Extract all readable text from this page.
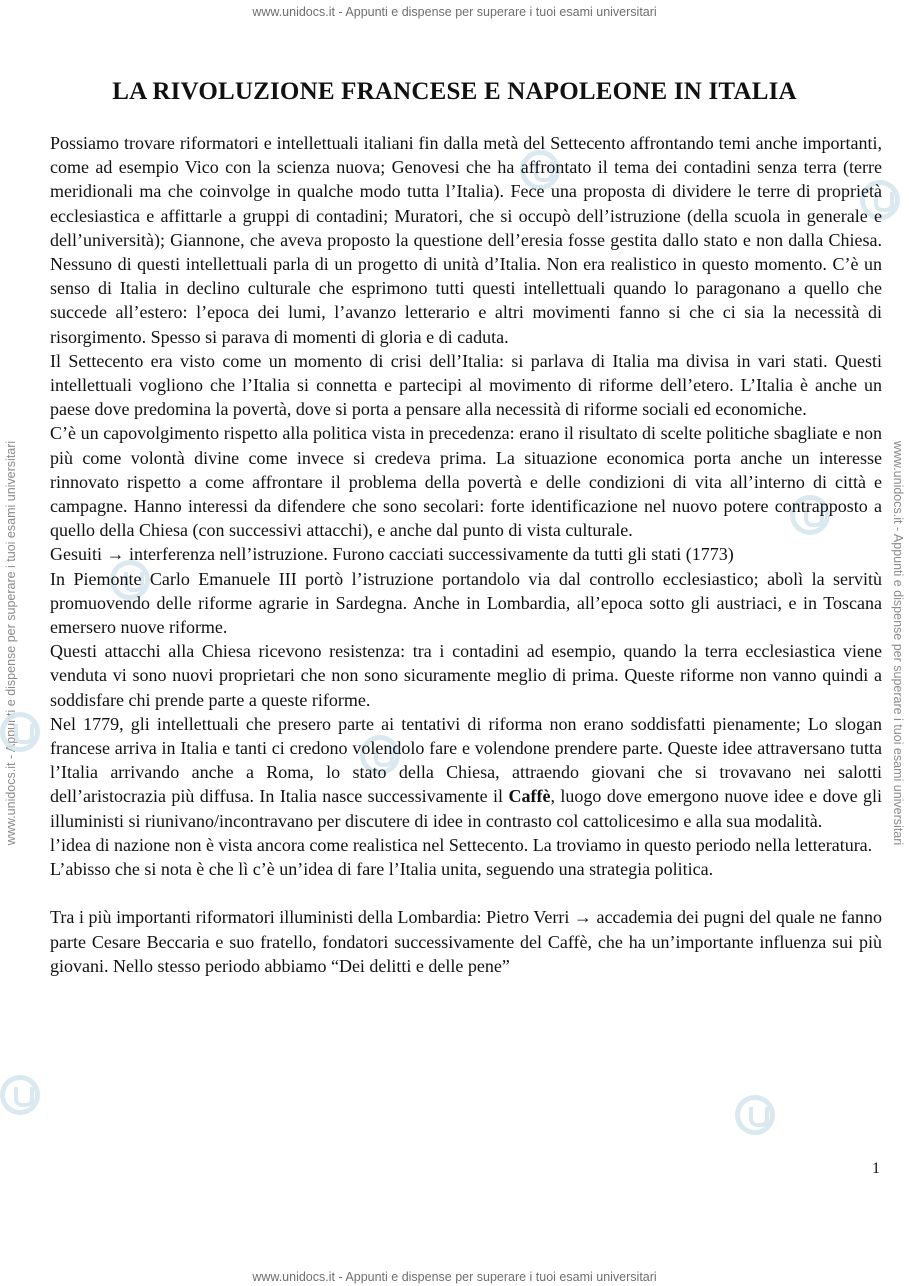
www.unidocs.it - Appunti e dispense per superare i tuoi esami universitari
www.unidocs.it - Appunti e dispense per superare i tuoi esami universitari	www.unidocs.it - Appunti e dispense per superare i tuoi esami universitari
LA RIVOLUZIONE FRANCESE E NAPOLEONE IN ITALIA

Possiamo trovare riformatori e intellettuali italiani fin dalla metà del Settecento affrontando temi anche importanti, come ad esempio Vico con la scienza nuova; Genovesi che ha affrontato il tema dei contadini senza terra (terre meridionali ma che coinvolge in qualche modo tutta l’Italia). Fece una proposta di dividere le terre di proprietà ecclesiastica e affittarle a gruppi di contadini; Muratori, che si occupò dell’istruzione (della scuola in generale e dell’università); Giannone, che aveva proposto la questione dell’eresia fosse gestita dallo stato e non dalla Chiesa. Nessuno di questi intellettuali parla di un progetto di unità d’Italia. Non era realistico in questo momento. C’è un senso di Italia in declino culturale che esprimono tutti questi intellettuali quando lo paragonano a quello che succede all’estero: l’epoca dei lumi, l’avanzo letterario e altri movimenti fanno si che ci sia la necessità di risorgimento. Spesso si parava di momenti di gloria e di caduta.

Il Settecento era visto come un momento di crisi dell’Italia: si parlava di Italia ma divisa in vari stati. Questi intellettuali vogliono che l’Italia si connetta e partecipi al movimento di riforme dell’etero. L’Italia è anche un paese dove predomina la povertà, dove si porta a pensare alla necessità di riforme sociali ed economiche.

C’è un capovolgimento rispetto alla politica vista in precedenza: erano il risultato di scelte politiche sbagliate e non più come volontà divine come invece si credeva prima. La situazione economica porta anche un interesse rinnovato rispetto a come affrontare il problema della povertà e delle condizioni di vita all’interno di città e campagne. Hanno interessi da difendere che sono secolari: forte identificazione nel nuovo potere contrapposto a quello della Chiesa (con successivi attacchi), e anche dal punto di vista culturale.

Gesuiti → interferenza nell’istruzione. Furono cacciati successivamente da tutti gli stati (1773)

In Piemonte Carlo Emanuele III portò l’istruzione portandolo via dal controllo ecclesiastico; abolì la servitù promuovendo delle riforme agrarie in Sardegna. Anche in Lombardia, all’epoca sotto gli austriaci, e in Toscana emersero nuove riforme.

Questi attacchi alla Chiesa ricevono resistenza: tra i contadini ad esempio, quando la terra ecclesiastica viene venduta vi sono nuovi proprietari che non sono sicuramente meglio di prima. Queste riforme non vanno quindi a soddisfare chi prende parte a queste riforme.

Nel 1779, gli intellettuali che presero parte ai tentativi di riforma non erano soddisfatti pienamente; Lo slogan francese arriva in Italia e tanti ci credono volendolo fare e volendone prendere parte. Queste idee attraversano tutta l’Italia arrivando anche a Roma, lo stato della Chiesa, attraendo giovani che si trovavano nei salotti dell’aristocrazia più diffusa. In Italia nasce successivamente il Caffè, luogo dove emergono nuove idee e dove gli illuministi si riunivano/incontravano per discutere di idee in contrasto col cattolicesimo e alla sua modalità.

l’idea di nazione non è vista ancora come realistica nel Settecento. La troviamo in questo periodo nella letteratura.

L’abisso che si nota è che lì c’è un’idea di fare l’Italia unita, seguendo una strategia politica.

Tra i più importanti riformatori illuministi della Lombardia: Pietro Verri → accademia dei pugni del quale ne fanno parte Cesare Beccaria e suo fratello, fondatori successivamente del Caffè, che ha un’importante influenza sui più giovani. Nello stesso periodo abbiamo “Dei delitti e delle pene”

1
www.unidocs.it - Appunti e dispense per superare i tuoi esami universitari
